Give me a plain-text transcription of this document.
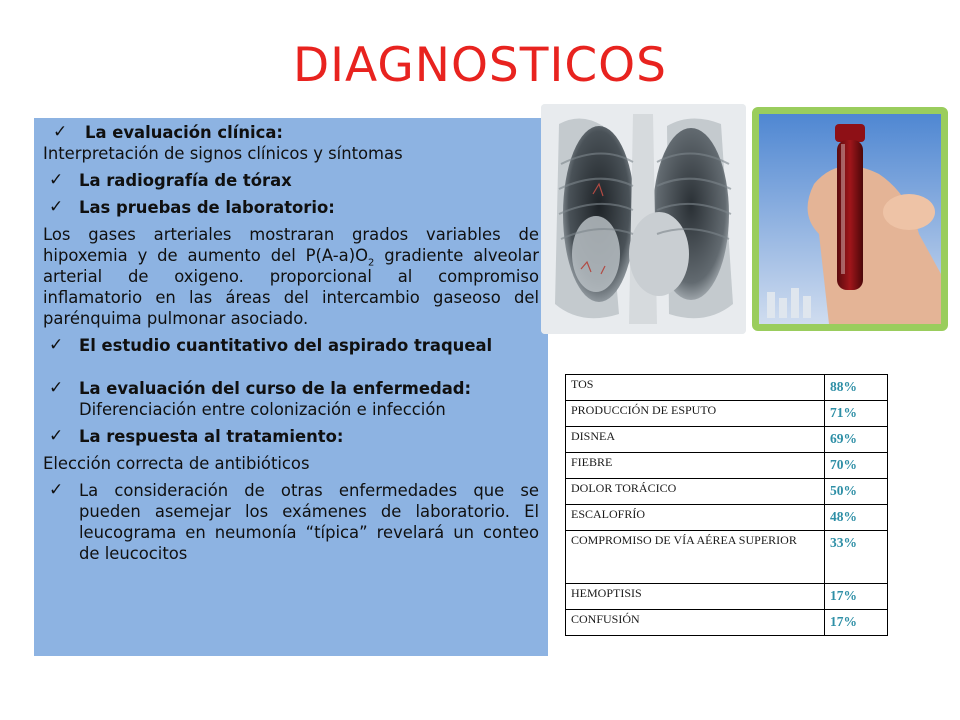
DIAGNOSTICOS
✓ La evaluación clínica:
Interpretación de signos clínicos y síntomas
✓ La radiografía de tórax
✓ Las pruebas de laboratorio:
Los gases arteriales mostraran grados variables de hipoxemia y de aumento del $P(A-a)O_2$ gradiente alveolar arterial de oxigeno. proporcional al compromiso inflamatorio en las áreas del intercambio gaseoso del parénquima pulmonar asociado.
✓ El estudio cuantitativo del aspirado traqueal
✓ La evaluación del curso de la enfermedad:
Diferenciación entre colonización e infección
✓ La respuesta al tratamiento:
Elección correcta de antibióticos
✓ La consideración de otras enfermedades que se pueden asemejar los exámenes de laboratorio. El leucograma en neumonía “típica” revelará un conteo de leucocitos
TOS	88%
PRODUCCIÓN DE ESPUTO	71%
DISNEA	69%
FIEBRE	70%
DOLOR TORÁCICO	50%
ESCALOFRÍO	48%
COMPROMISO DE VÍA AÉREA SUPERIOR	33%
HEMOPTISIS	17%
CONFUSIÓN	17%
